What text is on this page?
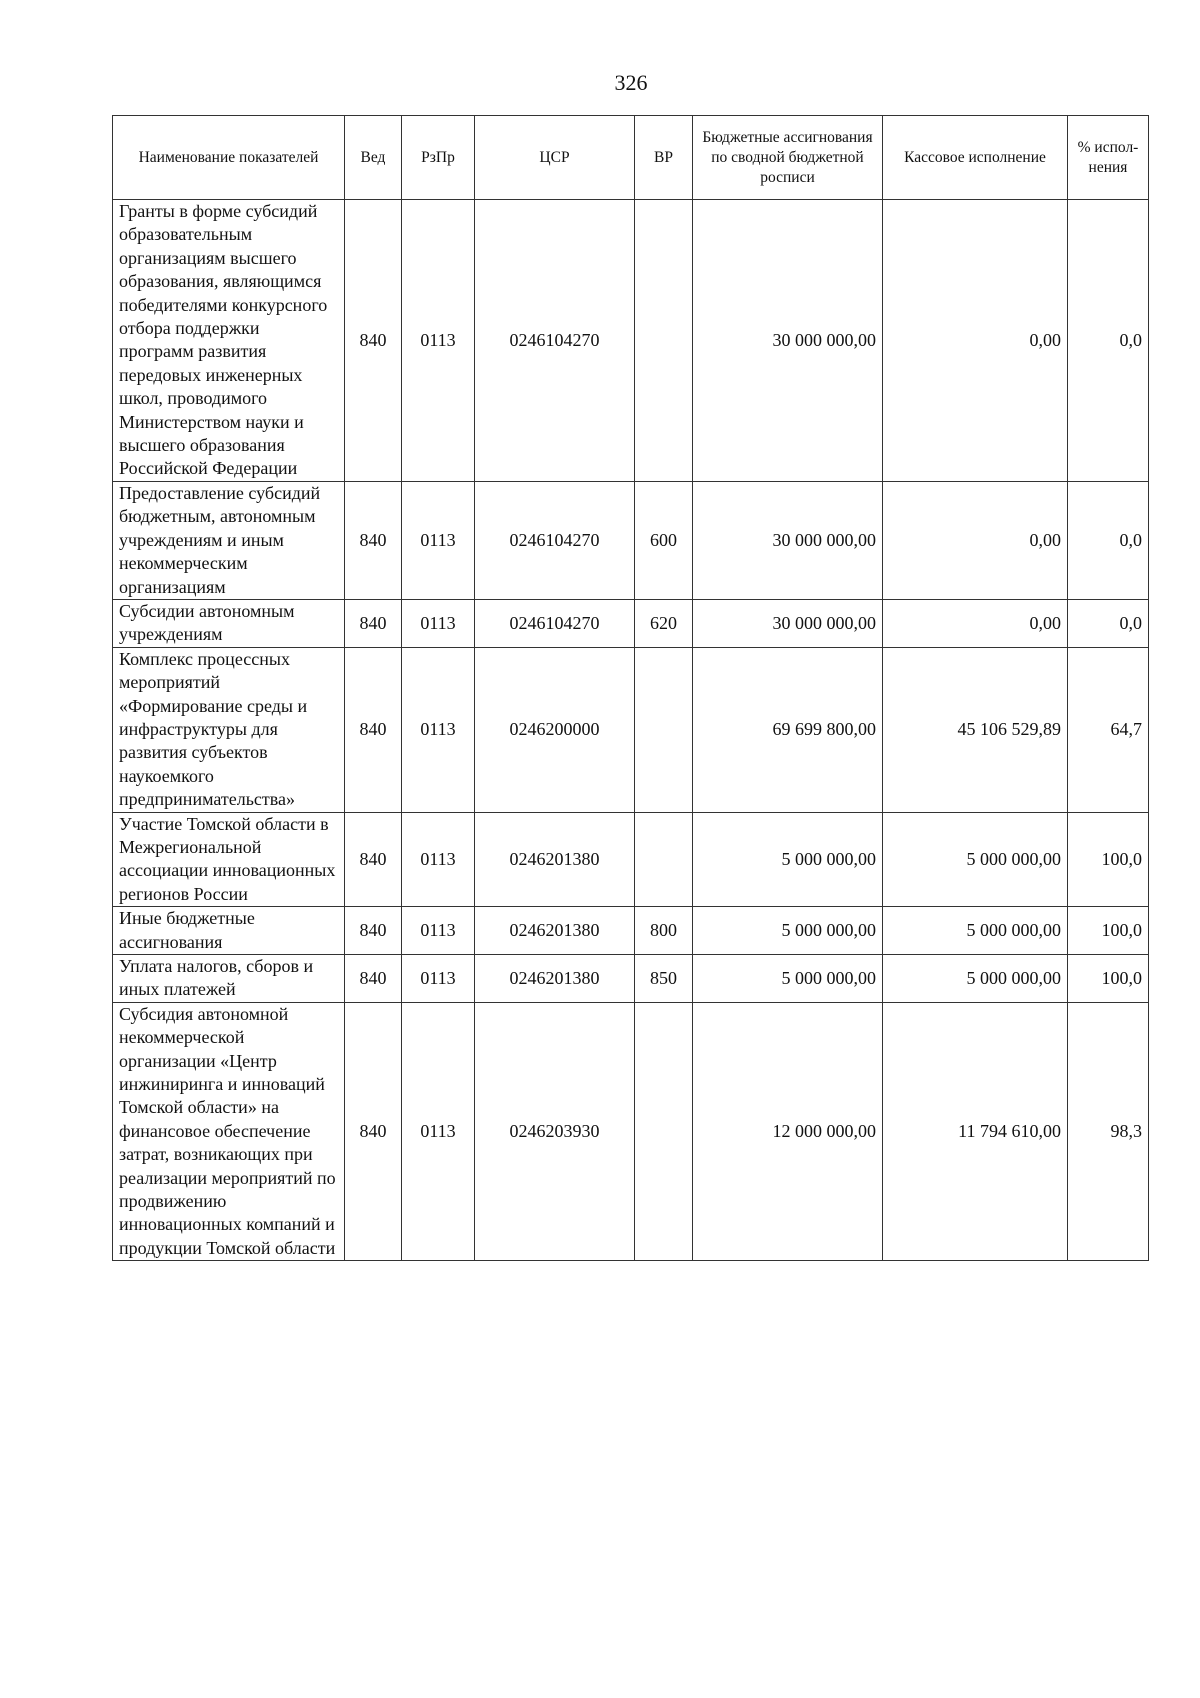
326
Наименование показателей	Вед	РзПр	ЦСР	ВР	Бюджетные ассигнования по сводной бюджетной росписи	Кассовое исполнение	% испол-нения
Гранты в форме субсидий образовательным организациям высшего образования, являющимся победителями конкурсного отбора поддержки программ развития передовых инженерных школ, проводимого Министерством науки и высшего образования Российской Федерации	840	0113	0246104270		30 000 000,00	0,00	0,0
Предоставление субсидий бюджетным, автономным учреждениям и иным некоммерческим организациям	840	0113	0246104270	600	30 000 000,00	0,00	0,0
Субсидии автономным учреждениям	840	0113	0246104270	620	30 000 000,00	0,00	0,0
Комплекс процессных мероприятий «Формирование среды и инфраструктуры для развития субъектов наукоемкого предпринимательства»	840	0113	0246200000		69 699 800,00	45 106 529,89	64,7
Участие Томской области в Межрегиональной ассоциации инновационных регионов России	840	0113	0246201380		5 000 000,00	5 000 000,00	100,0
Иные бюджетные ассигнования	840	0113	0246201380	800	5 000 000,00	5 000 000,00	100,0
Уплата налогов, сборов и иных платежей	840	0113	0246201380	850	5 000 000,00	5 000 000,00	100,0
Субсидия автономной некоммерческой организации «Центр инжиниринга и инноваций Томской области» на финансовое обеспечение затрат, возникающих при реализации мероприятий по продвижению инновационных компаний и продукции Томской области	840	0113	0246203930		12 000 000,00	11 794 610,00	98,3
